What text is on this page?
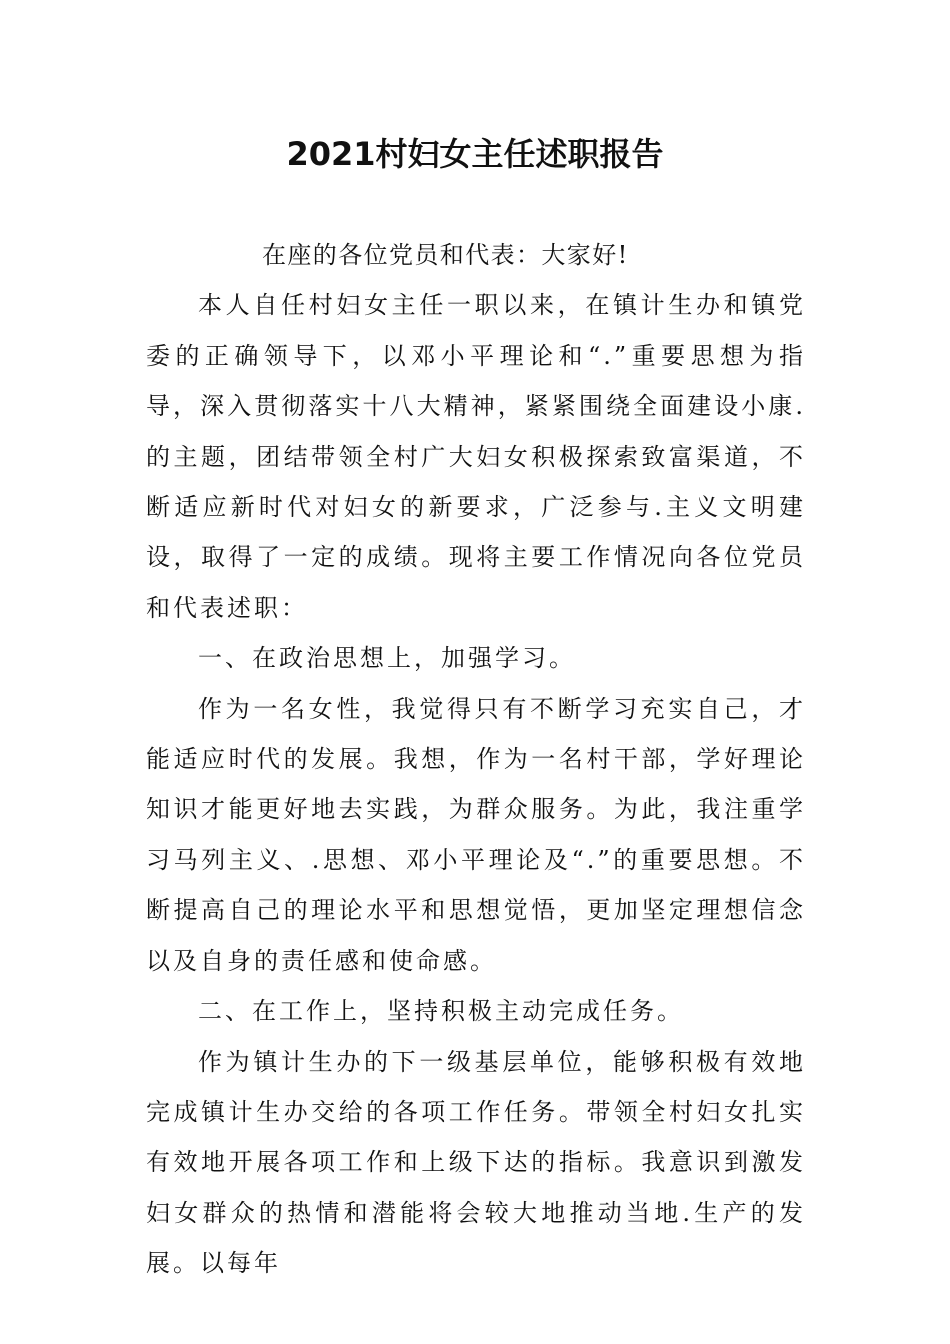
2021村妇女主任述职报告

在座的各位党员和代表：大家好!

本人自任村妇女主任一职以来，在镇计生办和镇党委的正确领导下，以邓小平理论和“.”重要思想为指导，深入贯彻落实十八大精神，紧紧围绕全面建设小康.的主题，团结带领全村广大妇女积极探索致富渠道，不断适应新时代对妇女的新要求，广泛参与.主义文明建设，取得了一定的成绩。现将主要工作情况向各位党员和代表述职：

一、在政治思想上，加强学习。

作为一名女性，我觉得只有不断学习充实自己，才能适应时代的发展。我想，作为一名村干部，学好理论知识才能更好地去实践，为群众服务。为此，我注重学习马列主义、.思想、邓小平理论及“.”的重要思想。不断提高自己的理论水平和思想觉悟，更加坚定理想信念以及自身的责任感和使命感。

二、在工作上，坚持积极主动完成任务。

作为镇计生办的下一级基层单位，能够积极有效地完成镇计生办交给的各项工作任务。带领全村妇女扎实有效地开展各项工作和上级下达的指标。我意识到激发妇女群众的热情和潜能将会较大地推动当地.生产的发展。以每年
